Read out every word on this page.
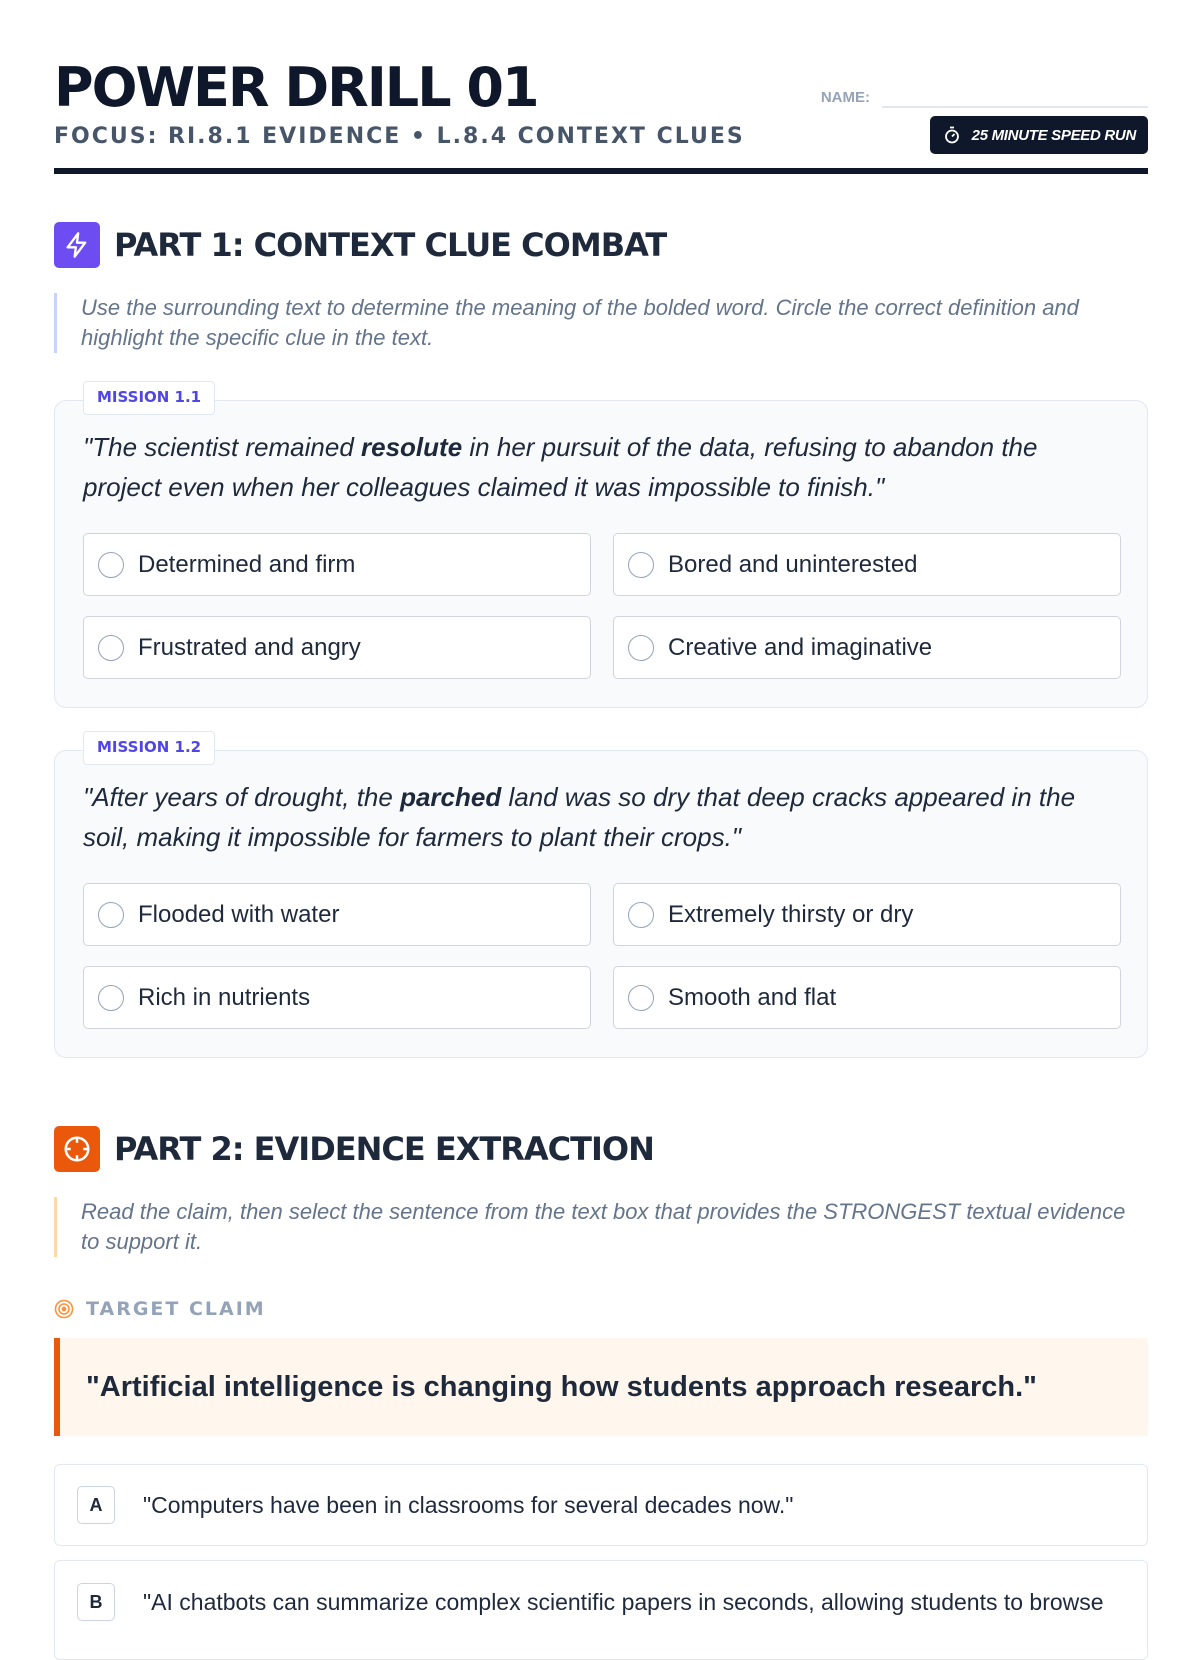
POWER DRILL 01
FOCUS: RI.8.1 EVIDENCE • L.8.4 CONTEXT CLUES
NAME:
25 MINUTE SPEED RUN
PART 1: CONTEXT CLUE COMBAT
Use the surrounding text to determine the meaning of the bolded word. Circle the correct definition and highlight the specific clue in the text.
MISSION 1.1
"The scientist remained resolute in her pursuit of the data, refusing to abandon the project even when her colleagues claimed it was impossible to finish."
Determined and firm	Bored and uninterested
Frustrated and angry	Creative and imaginative
MISSION 1.2
"After years of drought, the parched land was so dry that deep cracks appeared in the soil, making it impossible for farmers to plant their crops."
Flooded with water	Extremely thirsty or dry
Rich in nutrients	Smooth and flat
PART 2: EVIDENCE EXTRACTION
Read the claim, then select the sentence from the text box that provides the STRONGEST textual evidence to support it.
TARGET CLAIM
"Artificial intelligence is changing how students approach research."
A	"Computers have been in classrooms for several decades now."
B	"AI chatbots can summarize complex scientific papers in seconds, allowing students to browse
